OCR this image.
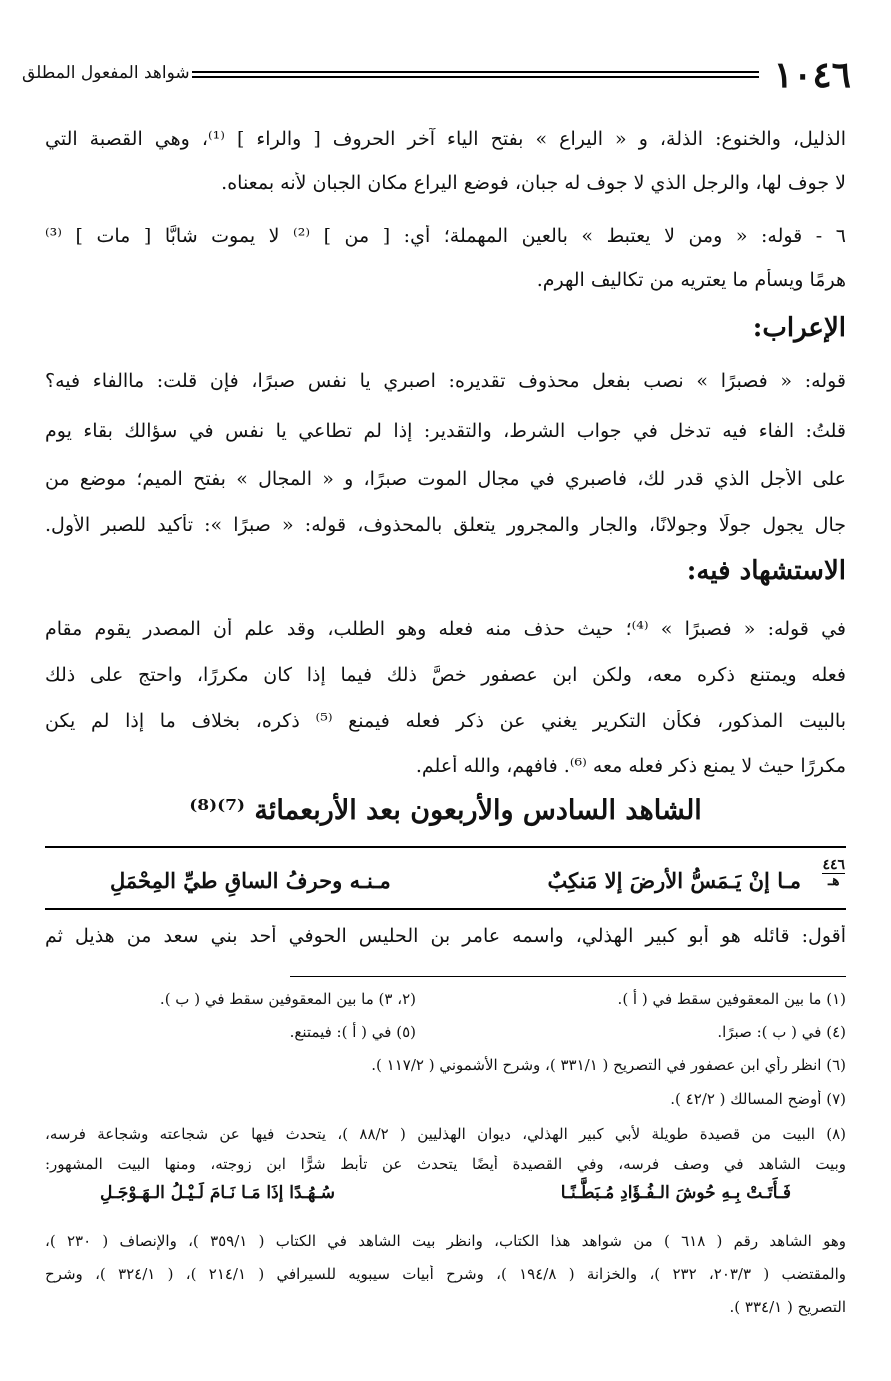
١٠٤٦
شواهد المفعول المطلق
الذليل، والخنوع: الذلة، و « اليراع » بفتح الياء آخر الحروف [ والراء ] ⁽¹⁾، وهي القصبة التي
لا جوف لها، والرجل الذي لا جوف له جبان، فوضع اليراع مكان الجبان لأنه بمعناه.
٦ - قوله: « ومن لا يعتبط » بالعين المهملة؛ أي: [ من ] ⁽²⁾ لا يموت شابًّا [ مات ] ⁽³⁾
هرمًا ويسأم ما يعتريه من تكاليف الهرم.
الإعراب:
قوله: « فصبرًا » نصب بفعل محذوف تقديره: اصبري يا نفس صبرًا، فإن قلت: ماالفاء فيه؟
قلتُ: الفاء فيه تدخل في جواب الشرط، والتقدير: إذا لم تطاعي يا نفس في سؤالك بقاء يوم
على الأجل الذي قدر لك، فاصبري في مجال الموت صبرًا، و « المجال » بفتح الميم؛ موضع من
جال يجول جولًا وجولانًا، والجار والمجرور يتعلق بالمحذوف، قوله: « صبرًا »: تأكيد للصبر الأول.
الاستشهاد فيه:
في قوله: « فصبرًا » ⁽⁴⁾؛ حيث حذف منه فعله وهو الطلب، وقد علم أن المصدر يقوم مقام
فعله ويمتنع ذكره معه، ولكن ابن عصفور خصَّ ذلك فيما إذا كان مكررًا، واحتج على ذلك
بالبيت المذكور، فكأن التكرير يغني عن ذكر فعله فيمنع ⁽⁵⁾ ذكره، بخلاف ما إذا لم يكن
مكررًا حيث لا يمنع ذكر فعله معه ⁽⁶⁾. فافهم، والله أعلم.
الشاهد السادس والأربعون بعد الأربعمائة ⁽⁷⁾⁽⁸⁾
٤٤٦
هـ
مـا إنْ يَـمَسُّ الأرضَ إلا مَنكِبٌ
مـنـه وحرفُ الساقِ طيِّ المِحْمَلِ
أقول: قائله هو أبو كبير الهذلي، واسمه عامر بن الحليس الحوفي أحد بني سعد من هذيل ثم
(١) ما بين المعقوفين سقط في ( أ ).
(٢، ٣) ما بين المعقوفين سقط في ( ب ).
(٤) في ( ب ): صبرًا.
(٥) في ( أ ): فيمتنع.
(٦) انظر رأي ابن عصفور في التصريح ( ٣٣١/١ )، وشرح الأشموني ( ١١٧/٢ ).
(٧) أوضح المسالك ( ٤٢/٢ ).
(٨) البيت من قصيدة طويلة لأبي كبير الهذلي، ديوان الهذليين ( ٨٨/٢ )، يتحدث فيها عن شجاعته وشجاعة فرسه،
وبيت الشاهد في وصف فرسه، وفي القصيدة أيضًا يتحدث عن تأبط شرًّا ابن زوجته، ومنها البيت المشهور:
فَـأَتَـتْ بِـهِ حُوشَ الـفُـؤَادِ مُـبَطَّـنًـا
سُـهُـدًا إذَا مَـا نَـامَ لَـيْـلُ الـهَـوْجَـلِ
وهو الشاهد رقم ( ٦١٨ ) من شواهد هذا الكتاب، وانظر بيت الشاهد في الكتاب ( ٣٥٩/١ )، والإنصاف ( ٢٣٠ )،
والمقتضب ( ٢٠٣/٣، ٢٣٢ )، والخزانة ( ١٩٤/٨ )، وشرح أبيات سيبويه للسيرافي ( ٢١٤/١ )، ( ٣٢٤/١ )، وشرح
التصريح ( ٣٣٤/١ ).
